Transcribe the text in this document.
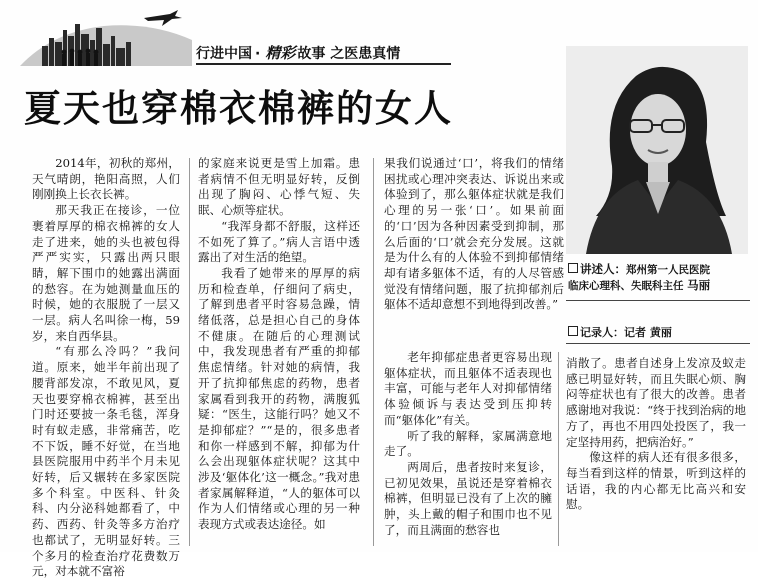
行进中国 · 精彩 故事 之医患真情
夏天也穿棉衣棉裤的女人

2014年，初秋的郑州，天气晴朗，艳阳高照，人们刚刚换上长衣长裤。

那天我正在接诊，一位裹着厚厚的棉衣棉裤的女人走了进来，她的头也被包得严严实实，只露出两只眼睛，解下围巾的她露出满面的愁容。在为她测量血压的时候，她的衣服脱了一层又一层。病人名叫徐一梅，59岁，来自西华县。

“有那么冷吗？”我问道。原来，她半年前出现了腰背部发凉，不敢见风，夏天也要穿棉衣棉裤，甚至出门时还要披一条毛毯，浑身时有蚁走感，非常痛苦，吃不下饭，睡不好觉，在当地县医院服用中药半个月未见好转，后又辗转在多家医院多个科室。中医科、针灸科、内分泌科她都看了，中药、西药、针灸等多方治疗也都试了，无明显好转。三个多月的检查治疗花费数万元，对本就不富裕

的家庭来说更是雪上加霜。患者病情不但无明显好转，反倒出现了胸闷、心悸气短、失眠、心烦等症状。

“我浑身都不舒服，这样还不如死了算了。”病人言语中透露出了对生活的绝望。

我看了她带来的厚厚的病历和检查单，仔细问了病史，了解到患者平时容易急躁，情绪低落，总是担心自己的身体不健康。在随后的心理测试中，我发现患者有严重的抑郁焦虑情绪。针对她的病情，我开了抗抑郁焦虑的药物，患者家属看到我开的药物，满腹狐疑：“医生，这能行吗？她又不是抑郁症？”“是的，很多患者和你一样感到不解，抑郁为什么会出现躯体症状呢？这其中涉及‘躯体化’这一概念。”我对患者家属解释道，“人的躯体可以作为人们情绪或心理的另一种表现方式或表达途径。如

果我们说通过‘口’，将我们的情绪困扰或心理冲突表达、诉说出来或体验到了，那么躯体症状就是我们心理的另一张‘口’。如果前面的‘口’因为各种因素受到抑制，那么后面的‘口’就会充分发展。这就是为什么有的人体验不到抑郁情绪却有诸多躯体不适，有的人尽管感觉没有情绪问题，服了抗抑郁剂后躯体不适却意想不到地得到改善。”

老年抑郁症患者更容易出现躯体症状，而且躯体不适表现也丰富，可能与老年人对抑郁情绪体验倾诉与表达受到压抑转而“躯体化”有关。

听了我的解释，家属满意地走了。

两周后，患者按时来复诊，已初见效果，虽说还是穿着棉衣棉裤，但明显已没有了上次的臃肿，头上戴的帽子和围巾也不见了，而且满面的愁容也

消散了。患者自述身上发凉及蚁走感已明显好转，而且失眠心烦、胸闷等症状也有了很大的改善。患者感谢地对我说：“终于找到治病的地方了，再也不用四处投医了，我一定坚持用药，把病治好。”

像这样的病人还有很多很多，每当看到这样的情景，听到这样的话语，我的内心都无比高兴和安慰。

讲述人：郑州第一人民医院
临床心理科、失眠科主任 马丽
记录人：记者 黄丽
